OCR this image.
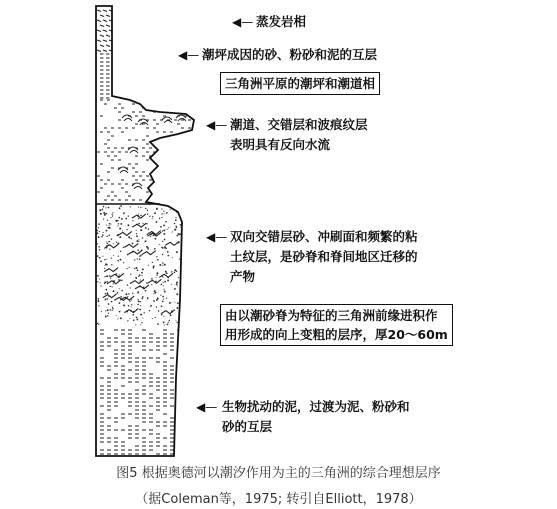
◀— 蒸发岩相
◀— 潮坪成因的砂、粉砂和泥的互层
三角洲平原的潮坪和潮道相
◀— 潮道、交错层和波痕纹层
表明具有反向水流
◀— 双向交错层砂、冲刷面和频繁的粘
土纹层，是砂脊和脊间地区迁移的
产物
由以潮砂脊为特征的三角洲前缘进积作
用形成的向上变粗的层序，厚20～60m
◀— 生物扰动的泥，过渡为泥、粉砂和
砂的互层
图5 根据奥德河以潮汐作用为主的三角洲的综合理想层序
（据Coleman等，1975; 转引自Elliott，1978）
